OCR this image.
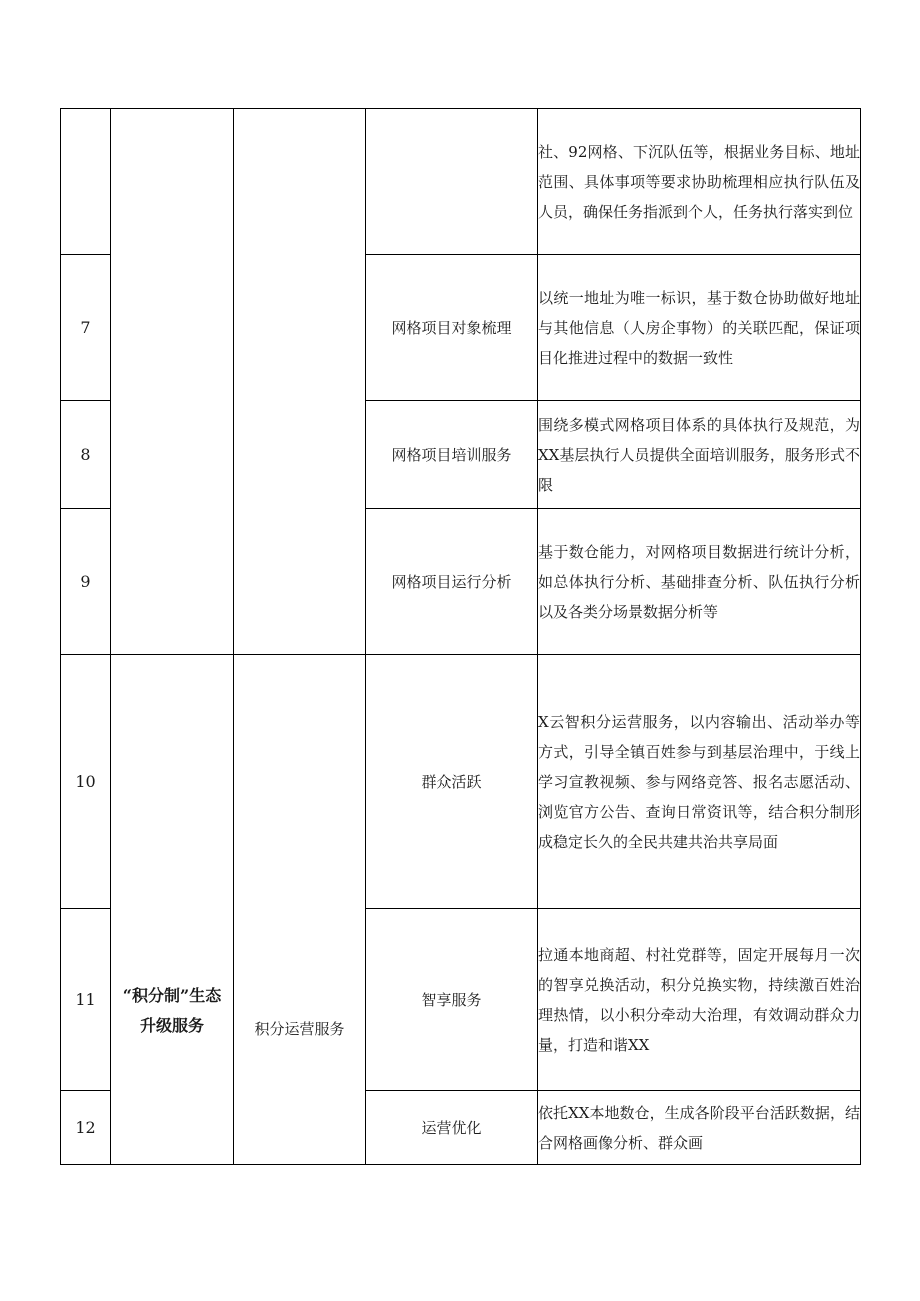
				社、92网格、下沉队伍等，根据业务目标、地址范围、具体事项等要求协助梳理相应执行队伍及人员，确保任务指派到个人，任务执行落实到位
7			网格项目对象梳理	以统一地址为唯一标识，基于数仓协助做好地址与其他信息（人房企事物）的关联匹配，保证项目化推进过程中的数据一致性
8			网格项目培训服务	围绕多模式网格项目体系的具体执行及规范，为XX基层执行人员提供全面培训服务，服务形式不限
9			网格项目运行分析	基于数仓能力，对网格项目数据进行统计分析，如总体执行分析、基础排查分析、队伍执行分析以及各类分场景数据分析等
10	“积分制”生态升级服务	积分运营服务	群众活跃	X云智积分运营服务，以内容输出、活动举办等方式，引导全镇百姓参与到基层治理中，于线上学习宣教视频、参与网络竞答、报名志愿活动、浏览官方公告、查询日常资讯等，结合积分制形成稳定长久的全民共建共治共享局面
11			智享服务	拉通本地商超、村社党群等，固定开展每月一次的智享兑换活动，积分兑换实物，持续激百姓治理热情，以小积分牵动大治理，有效调动群众力量，打造和谐XX
12			运营优化	依托XX本地数仓，生成各阶段平台活跃数据，结合网格画像分析、群众画
